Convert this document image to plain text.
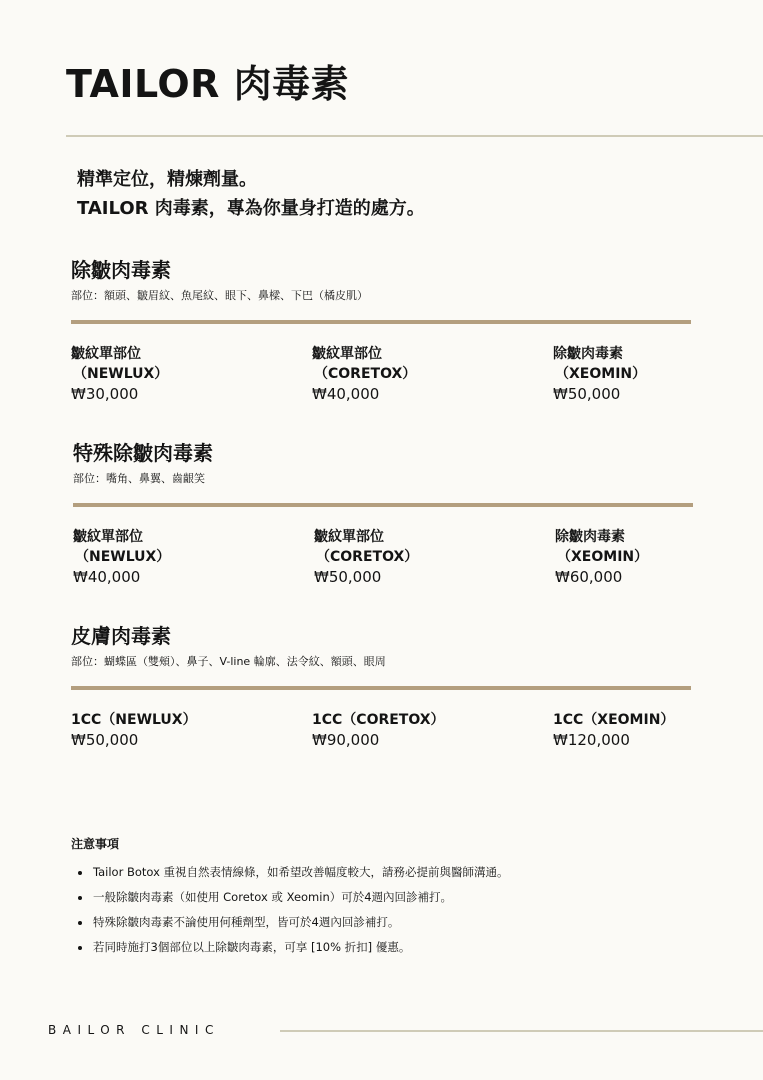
TAILOR 肉毒素
精準定位，精煉劑量。
TAILOR 肉毒素，專為你量身打造的處方。
除皺肉毒素
部位：額頭、皺眉紋、魚尾紋、眼下、鼻樑、下巴（橘皮肌）
皺紋單部位
（NEWLUX）
₩30,000
皺紋單部位
（CORETOX）
₩40,000
除皺肉毒素
（XEOMIN）
₩50,000
特殊除皺肉毒素
部位：嘴角、鼻翼、齒齦笑
皺紋單部位
（NEWLUX）
₩40,000
皺紋單部位
（CORETOX）
₩50,000
除皺肉毒素
（XEOMIN）
₩60,000
皮膚肉毒素
部位：蝴蝶區（雙頰）、鼻子、V-line 輪廓、法令紋、額頭、眼周
1CC（NEWLUX）
₩50,000
1CC（CORETOX）
₩90,000
1CC（XEOMIN）
₩120,000
注意事項
Tailor Botox 重視自然表情線條，如希望改善幅度較大，請務必提前與醫師溝通。
一般除皺肉毒素（如使用 Coretox 或 Xeomin）可於4週內回診補打。
特殊除皺肉毒素不論使用何種劑型，皆可於4週內回診補打。
若同時施打3個部位以上除皺肉毒素，可享 [10% 折扣] 優惠。
BAILOR CLINIC
